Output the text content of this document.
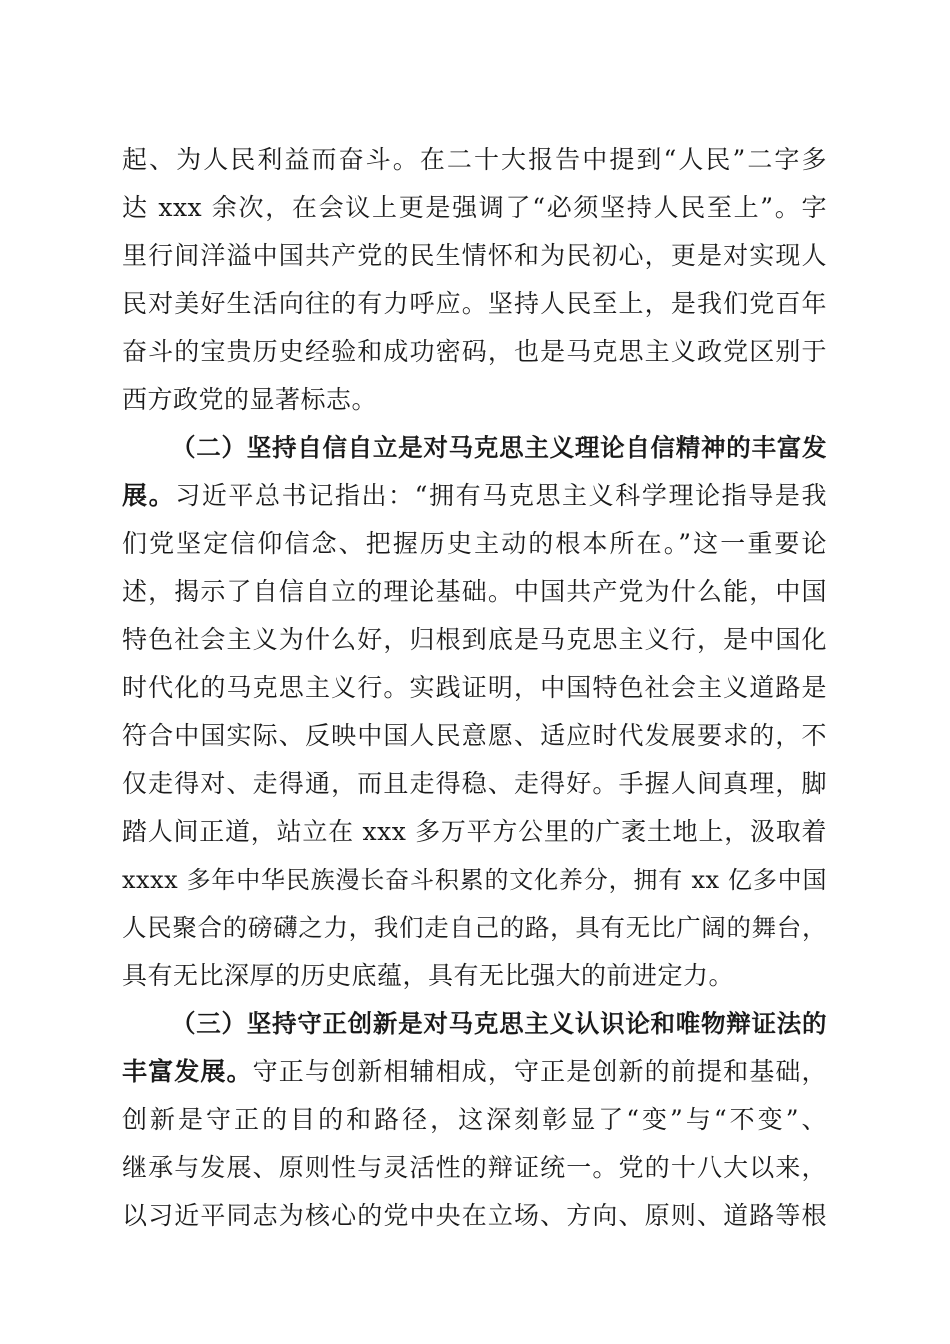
起、为人民利益而奋斗。在二十大报告中提到“人民”二字多
达 xxx 余次，在会议上更是强调了“必须坚持人民至上”。字
里行间洋溢中国共产党的民生情怀和为民初心，更是对实现人
民对美好生活向往的有力呼应。坚持人民至上，是我们党百年
奋斗的宝贵历史经验和成功密码，也是马克思主义政党区别于
西方政党的显著标志。
（二）坚持自信自立是对马克思主义理论自信精神的丰富发
展。习近平总书记指出：“拥有马克思主义科学理论指导是我
们党坚定信仰信念、把握历史主动的根本所在。”这一重要论
述，揭示了自信自立的理论基础。中国共产党为什么能，中国
特色社会主义为什么好，归根到底是马克思主义行，是中国化
时代化的马克思主义行。实践证明，中国特色社会主义道路是
符合中国实际、反映中国人民意愿、适应时代发展要求的，不
仅走得对、走得通，而且走得稳、走得好。手握人间真理，脚
踏人间正道，站立在 xxx 多万平方公里的广袤土地上，汲取着
xxxx 多年中华民族漫长奋斗积累的文化养分，拥有 xx 亿多中国
人民聚合的磅礴之力，我们走自己的路，具有无比广阔的舞台，
具有无比深厚的历史底蕴，具有无比强大的前进定力。
（三）坚持守正创新是对马克思主义认识论和唯物辩证法的
丰富发展。守正与创新相辅相成，守正是创新的前提和基础，
创新是守正的目的和路径，这深刻彰显了“变”与“不变”、
继承与发展、原则性与灵活性的辩证统一。党的十八大以来，
以习近平同志为核心的党中央在立场、方向、原则、道路等根
